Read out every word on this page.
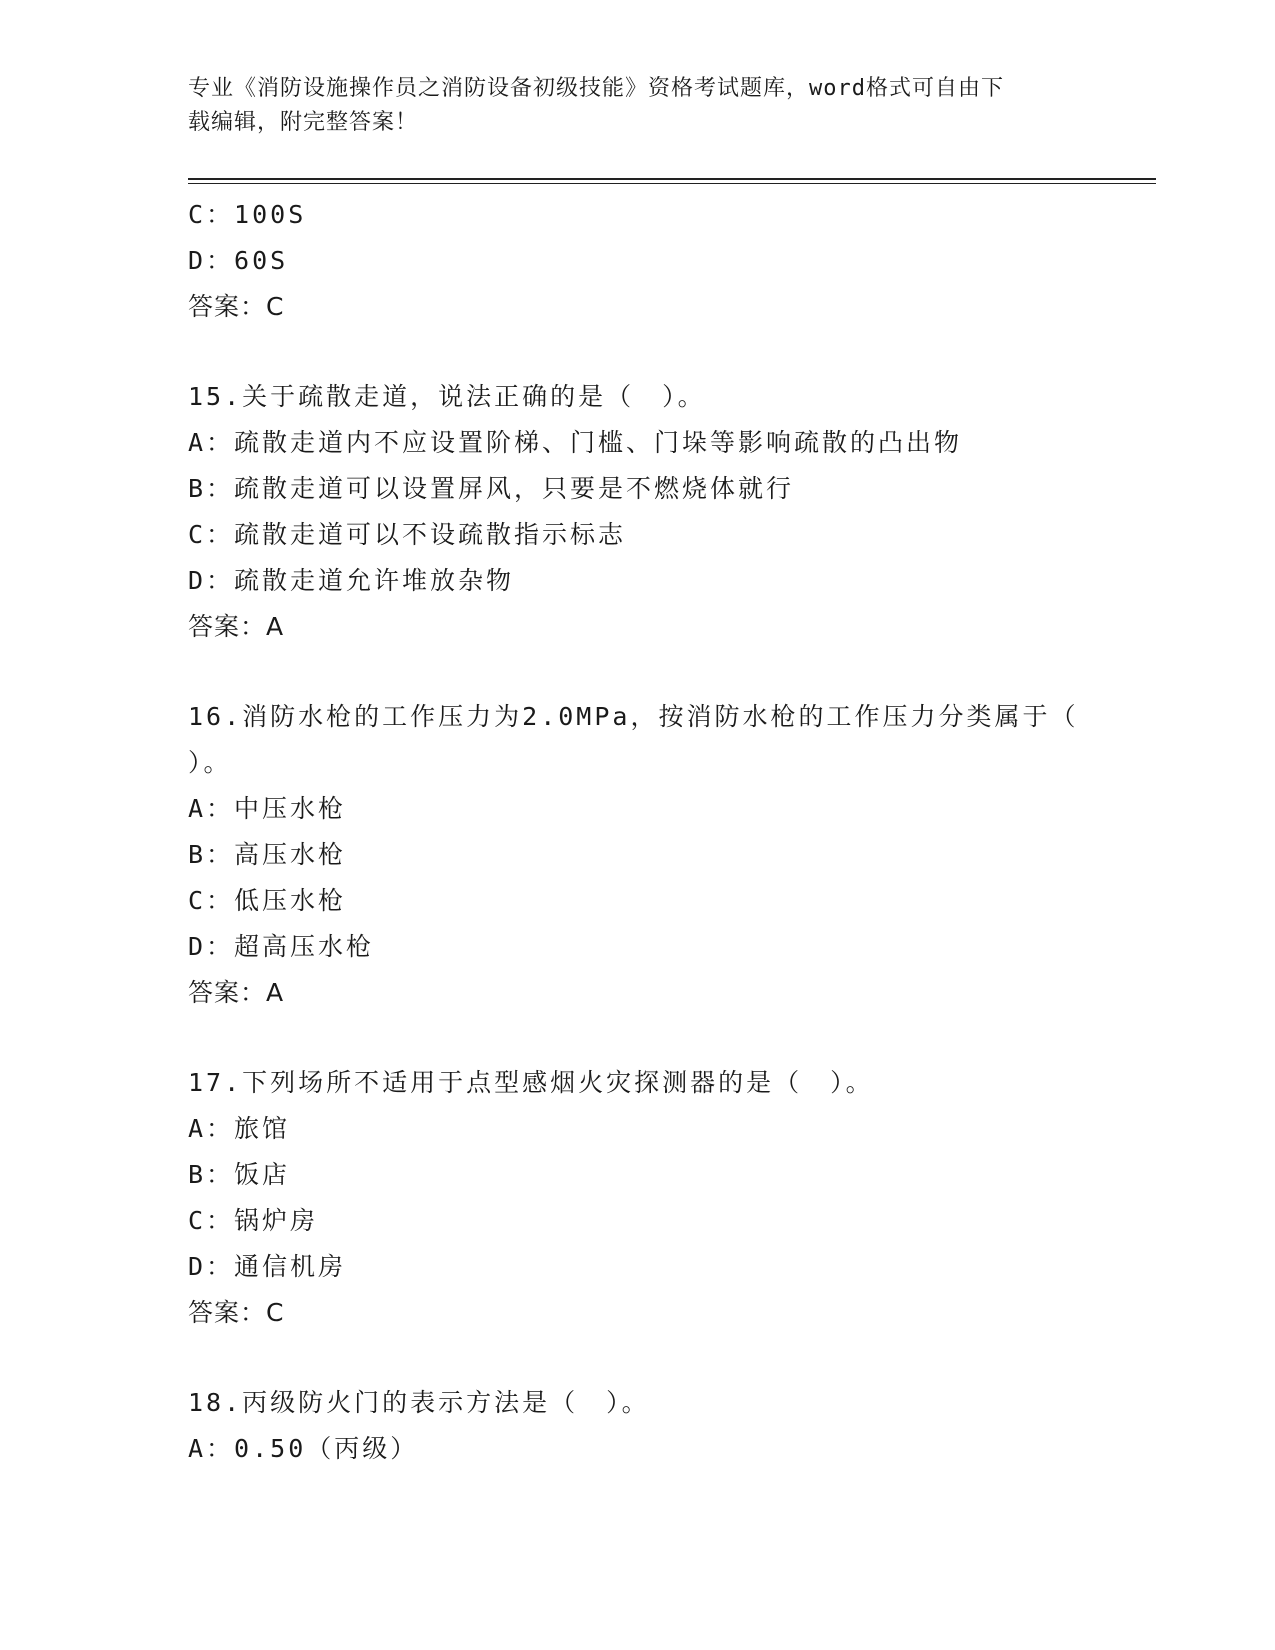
专业《消防设施操作员之消防设备初级技能》资格考试题库，word格式可自由下
载编辑，附完整答案！
C：100S
D：60S
答案：C
15.关于疏散走道，说法正确的是（　）。
A：疏散走道内不应设置阶梯、门槛、门垛等影响疏散的凸出物
B：疏散走道可以设置屏风，只要是不燃烧体就行
C：疏散走道可以不设疏散指示标志
D：疏散走道允许堆放杂物
答案：A
16.消防水枪的工作压力为2.0MPa，按消防水枪的工作压力分类属于（
）。
A：中压水枪
B：高压水枪
C：低压水枪
D：超高压水枪
答案：A
17.下列场所不适用于点型感烟火灾探测器的是（　）。
A：旅馆
B：饭店
C：锅炉房
D：通信机房
答案：C
18.丙级防火门的表示方法是（　）。
A：0.50（丙级）
